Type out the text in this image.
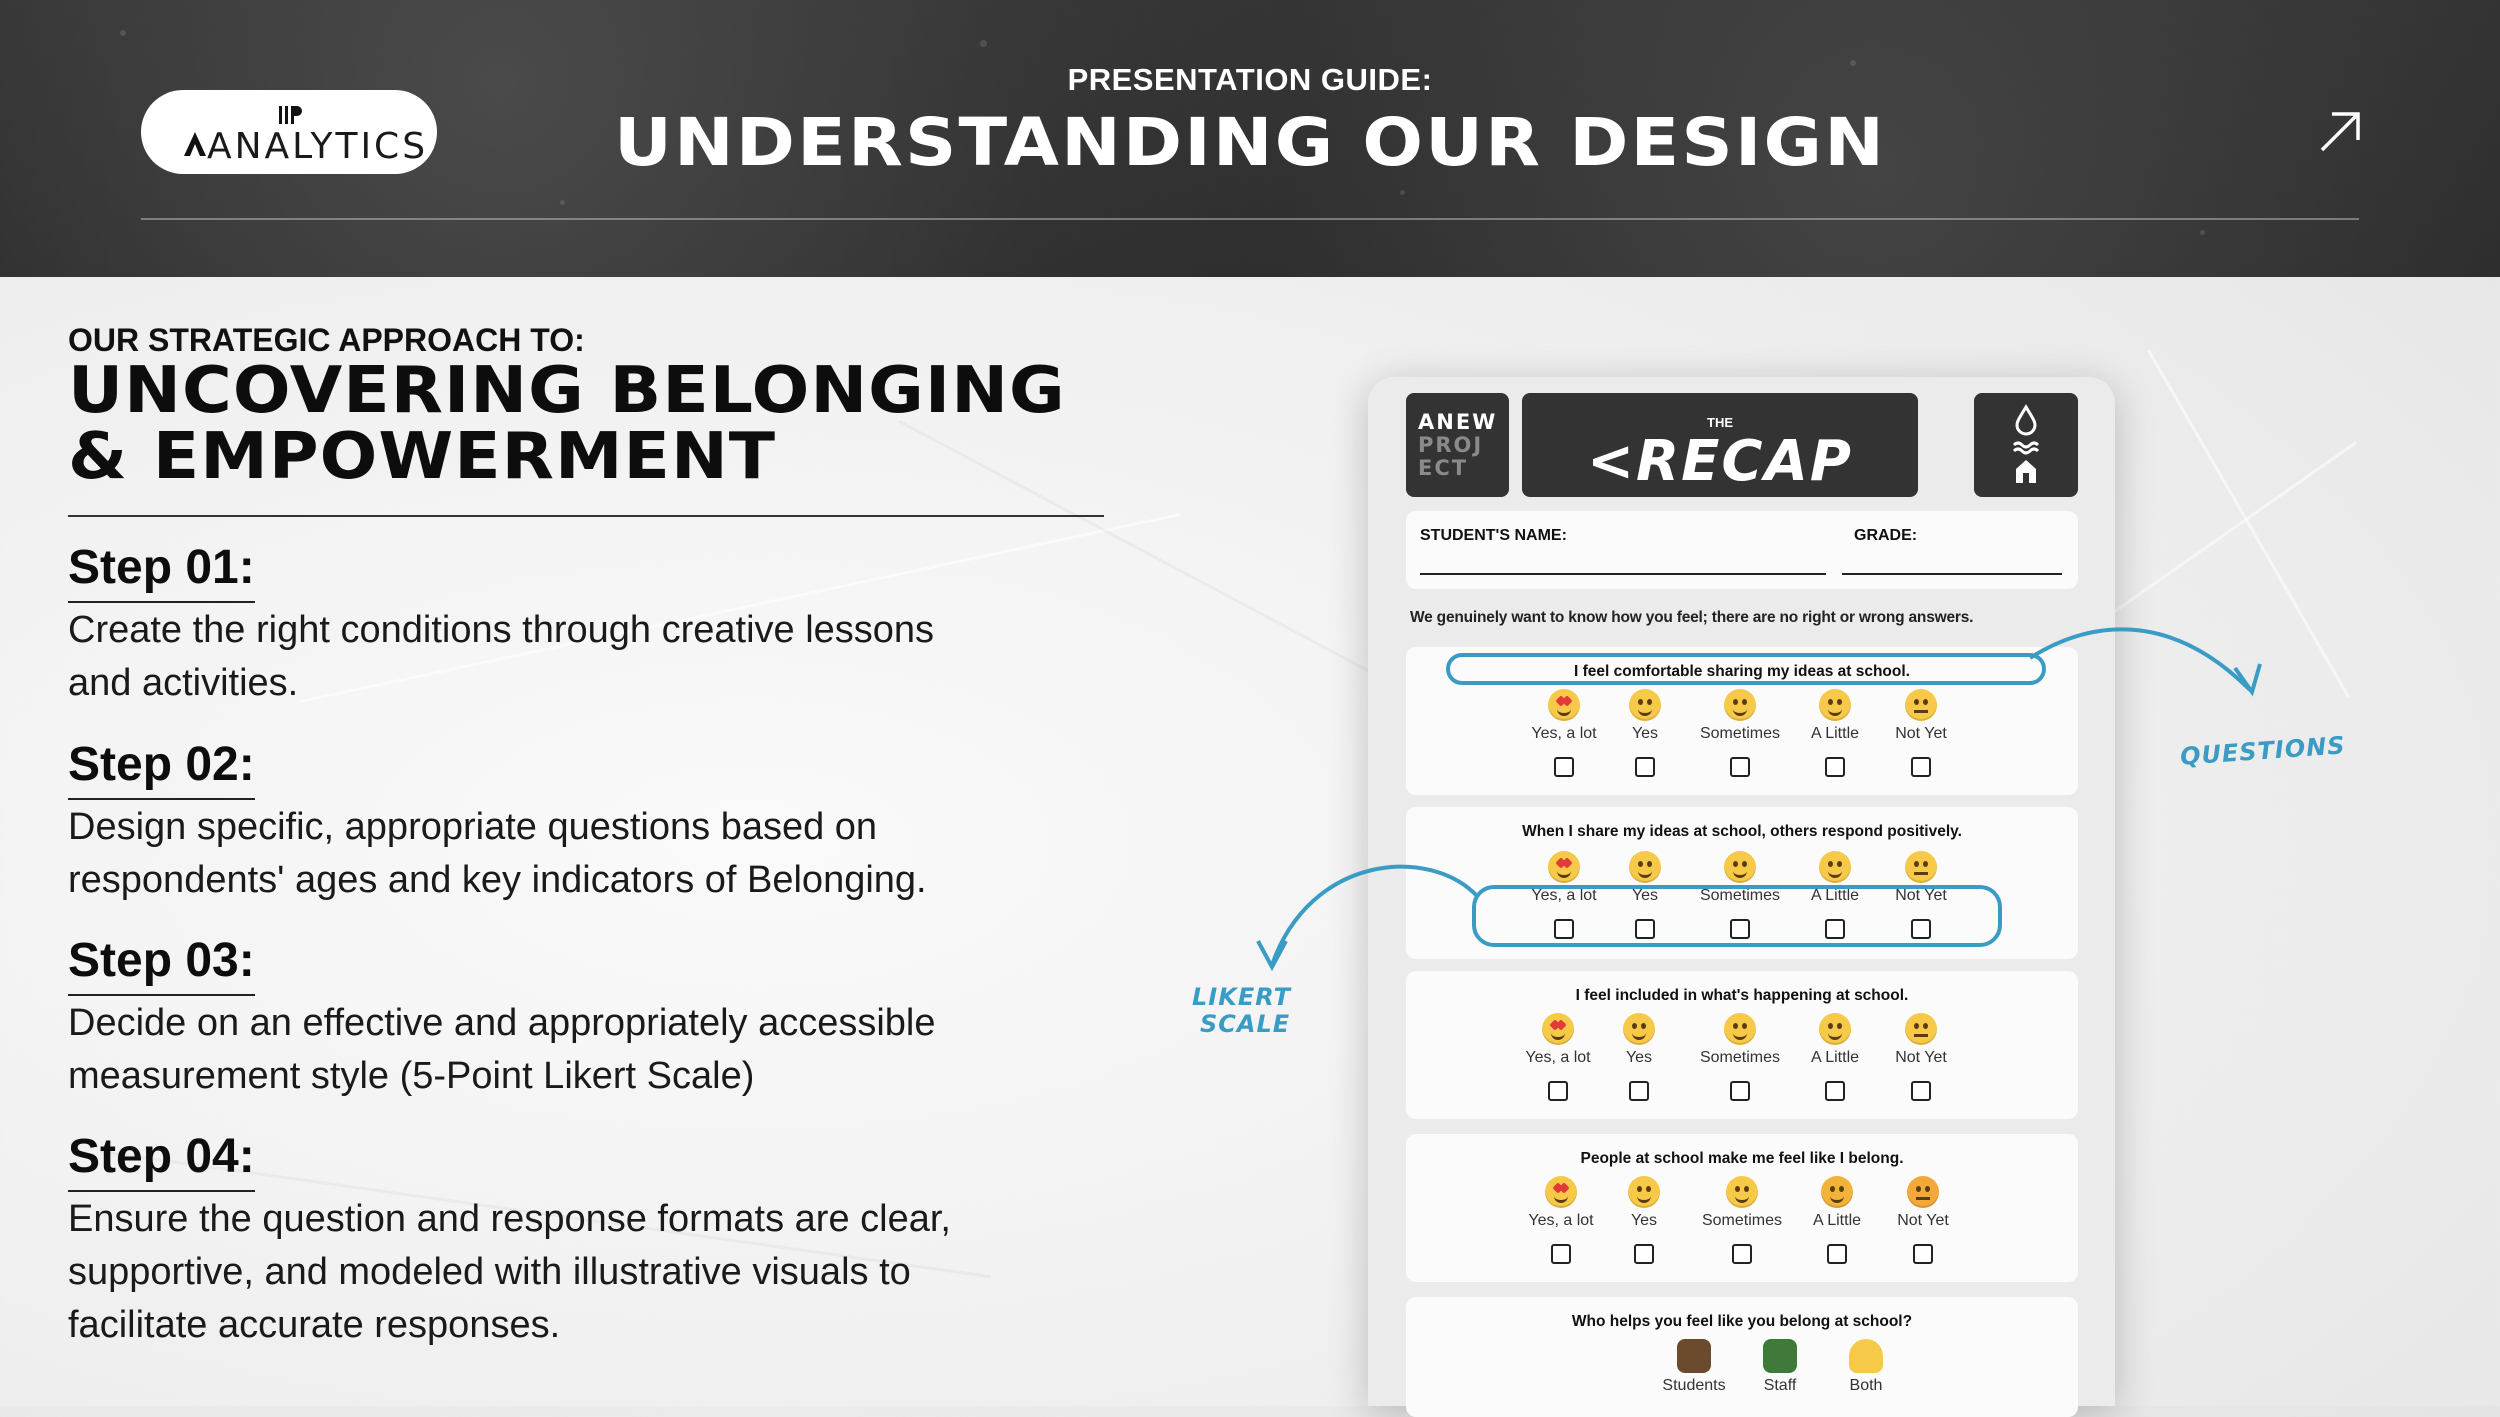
ANALYTICS
PRESENTATION GUIDE:
UNDERSTANDING OUR DESIGN
OUR STRATEGIC APPROACH TO:
UNCOVERING BELONGING
& EMPOWERMENT
Step 01:
Create the right conditions through creative lessons
and activities.
Step 02:
Design specific, appropriate questions based on
respondents' ages and key indicators of Belonging.
Step 03:
Decide on an effective and appropriately accessible
measurement style (5-Point Likert Scale)
Step 04:
Ensure the question and response formats are clear,
supportive, and modeled with illustrative visuals to
facilitate accurate responses.
ANEW
PROJ
ECT
THE
<RECAP
STUDENT'S NAME:	GRADE:
We genuinely want to know how you feel; there are no right or wrong answers.
I feel comfortable sharing my ideas at school.
Yes, a lot	Yes	Sometimes	A Little	Not Yet
When I share my ideas at school, others respond positively.
Yes, a lot	Yes	Sometimes	A Little	Not Yet
I feel included in what's happening at school.
Yes, a lot	Yes	Sometimes	A Little	Not Yet
People at school make me feel like I belong.
Yes, a lot	Yes	Sometimes	A Little	Not Yet
Who helps you feel like you belong at school?
Students	Staff	Both
QUESTIONS
LIKERT
SCALE
